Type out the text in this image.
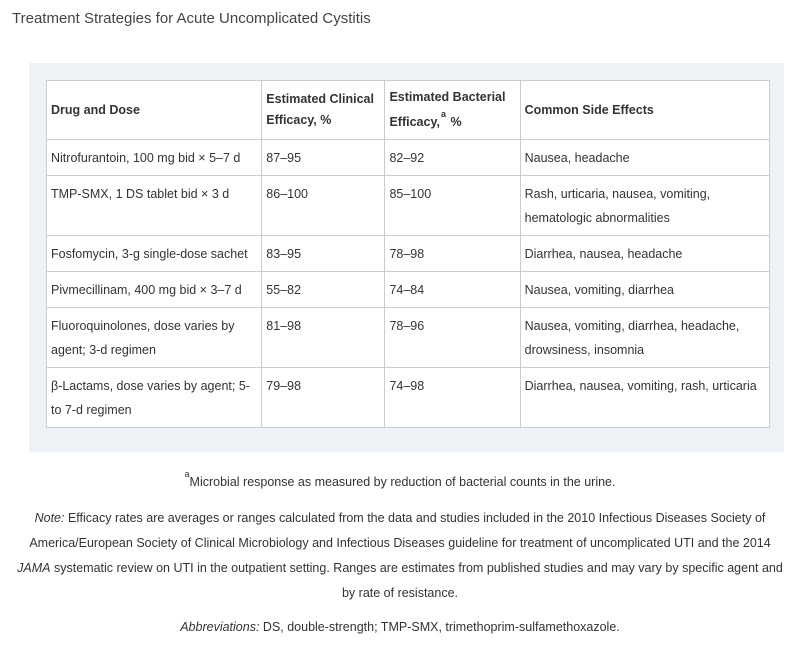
Treatment Strategies for Acute Uncomplicated Cystitis
Drug and Dose	Estimated Clinical Efficacy, %	Estimated Bacterial Efficacy,$^a$ %	Common Side Effects
Nitrofurantoin, 100 mg bid × 5–7 d	87–95	82–92	Nausea, headache
TMP-SMX, 1 DS tablet bid × 3 d	86–100	85–100	Rash, urticaria, nausea, vomiting, hematologic abnormalities
Fosfomycin, 3-g single-dose sachet	83–95	78–98	Diarrhea, nausea, headache
Pivmecillinam, 400 mg bid × 3–7 d	55–82	74–84	Nausea, vomiting, diarrhea
Fluoroquinolones, dose varies by agent; 3-d regimen	81–98	78–96	Nausea, vomiting, diarrhea, headache, drowsiness, insomnia
β-Lactams, dose varies by agent; 5- to 7-d regimen	79–98	74–98	Diarrhea, nausea, vomiting, rash, urticaria

$^a$Microbial response as measured by reduction of bacterial counts in the urine.

Note: Efficacy rates are averages or ranges calculated from the data and studies included in the 2010 Infectious Diseases Society of America/European Society of Clinical Microbiology and Infectious Diseases guideline for treatment of uncomplicated UTI and the 2014 JAMA systematic review on UTI in the outpatient setting. Ranges are estimates from published studies and may vary by specific agent and by rate of resistance.

Abbreviations: DS, double-strength; TMP-SMX, trimethoprim-sulfamethoxazole.
